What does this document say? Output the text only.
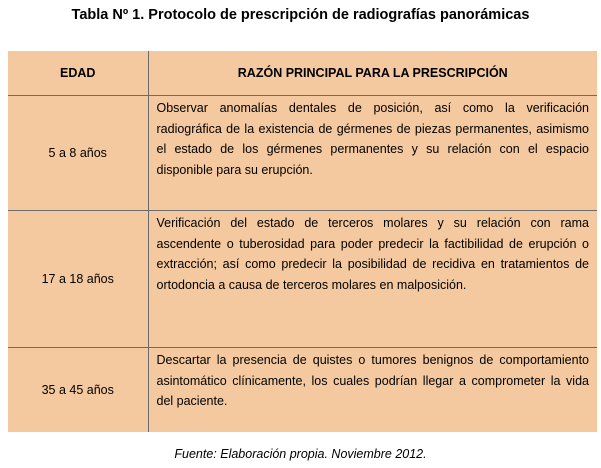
Tabla Nº 1. Protocolo de prescripción de radiografías panorámicas
EDAD	RAZÓN PRINCIPAL PARA LA PRESCRIPCIÓN
5 a 8 años	Observar anomalías dentales de posición, así como la verificación radiográfica de la existencia de gérmenes de piezas permanentes, asimismo el estado de los gérmenes permanentes y su relación con el espacio disponible para su erupción.
17 a 18 años	Verificación del estado de terceros molares y su relación con rama ascendente o tuberosidad para poder predecir la factibilidad de erupción o extracción; así como predecir la posibilidad de recidiva en tratamientos de ortodoncia a causa de terceros molares en malposición.
35 a 45 años	Descartar la presencia de quistes o tumores benignos de comportamiento asintomático clínicamente, los cuales podrían llegar a comprometer la vida del paciente.
Fuente: Elaboración propia. Noviembre 2012.
